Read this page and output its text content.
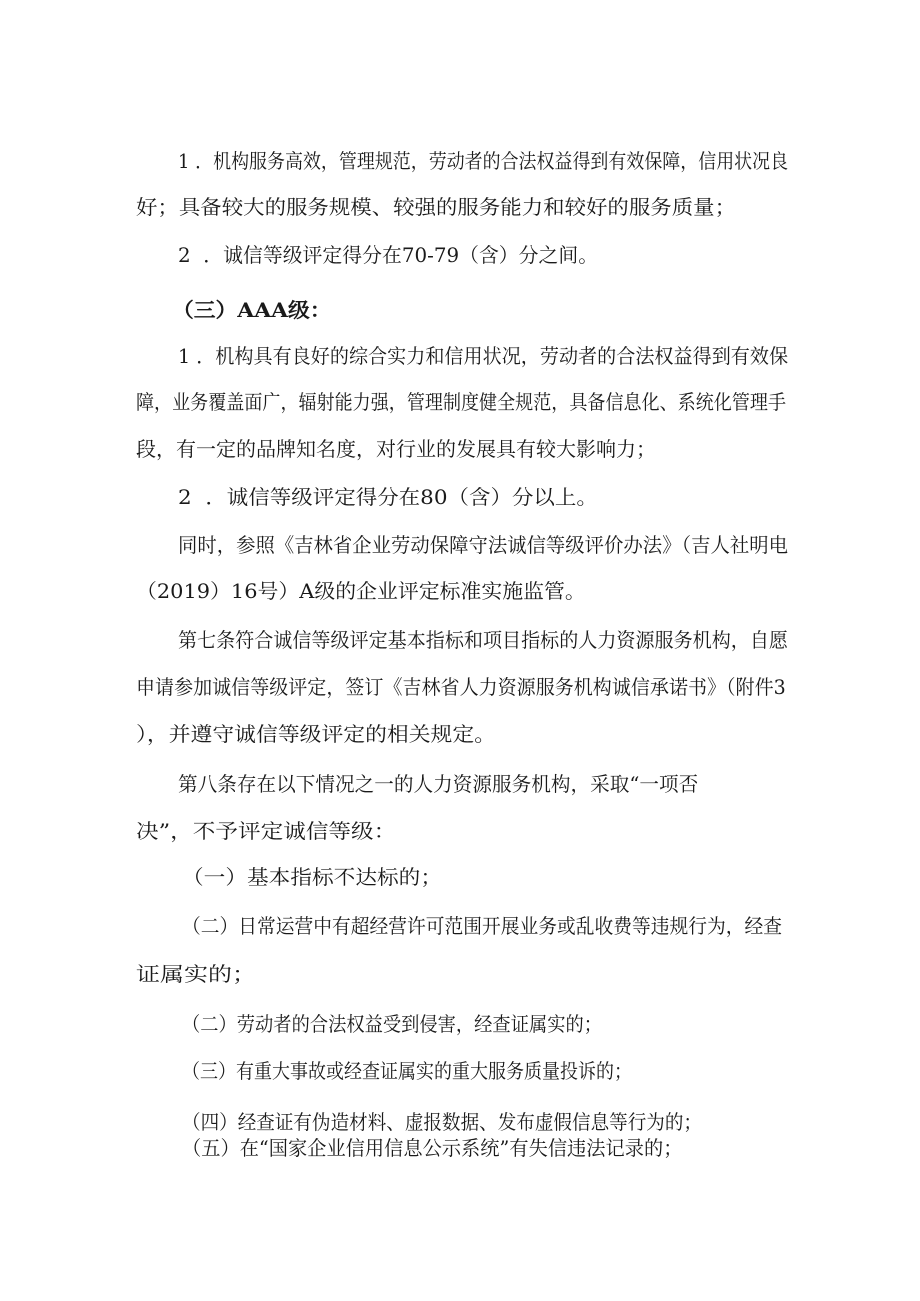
1 ．机构服务高效，管理规范，劳动者的合法权益得到有效保障，信用状况良
好；具备较大的服务规模、较强的服务能力和较好的服务质量；
2  ．诚信等级评定得分在70-79（含）分之间。
（三）AAA级：
1 ．机构具有良好的综合实力和信用状况，劳动者的合法权益得到有效保
障，业务覆盖面广，辐射能力强，管理制度健全规范，具备信息化、系统化管理手
段，有一定的品牌知名度，对行业的发展具有较大影响力；
2  ．诚信等级评定得分在80（含）分以上。
同时，参照《吉林省企业劳动保障守法诚信等级评价办法》（吉人社明电
（2019）16号）A级的企业评定标准实施监管。
第七条符合诚信等级评定基本指标和项目指标的人力资源服务机构，自愿
申请参加诚信等级评定，签订《吉林省人力资源服务机构诚信承诺书》（附件3
），并遵守诚信等级评定的相关规定。
第八条存在以下情况之一的人力资源服务机构，采取“一项否
决”，不予评定诚信等级：
（一）基本指标不达标的；
（二）日常运营中有超经营许可范围开展业务或乱收费等违规行为，经查
证属实的；
（二）劳动者的合法权益受到侵害，经查证属实的；
（三）有重大事故或经查证属实的重大服务质量投诉的；
（四）经查证有伪造材料、虚报数据、发布虚假信息等行为的；
（五）在“国家企业信用信息公示系统”有失信违法记录的；
